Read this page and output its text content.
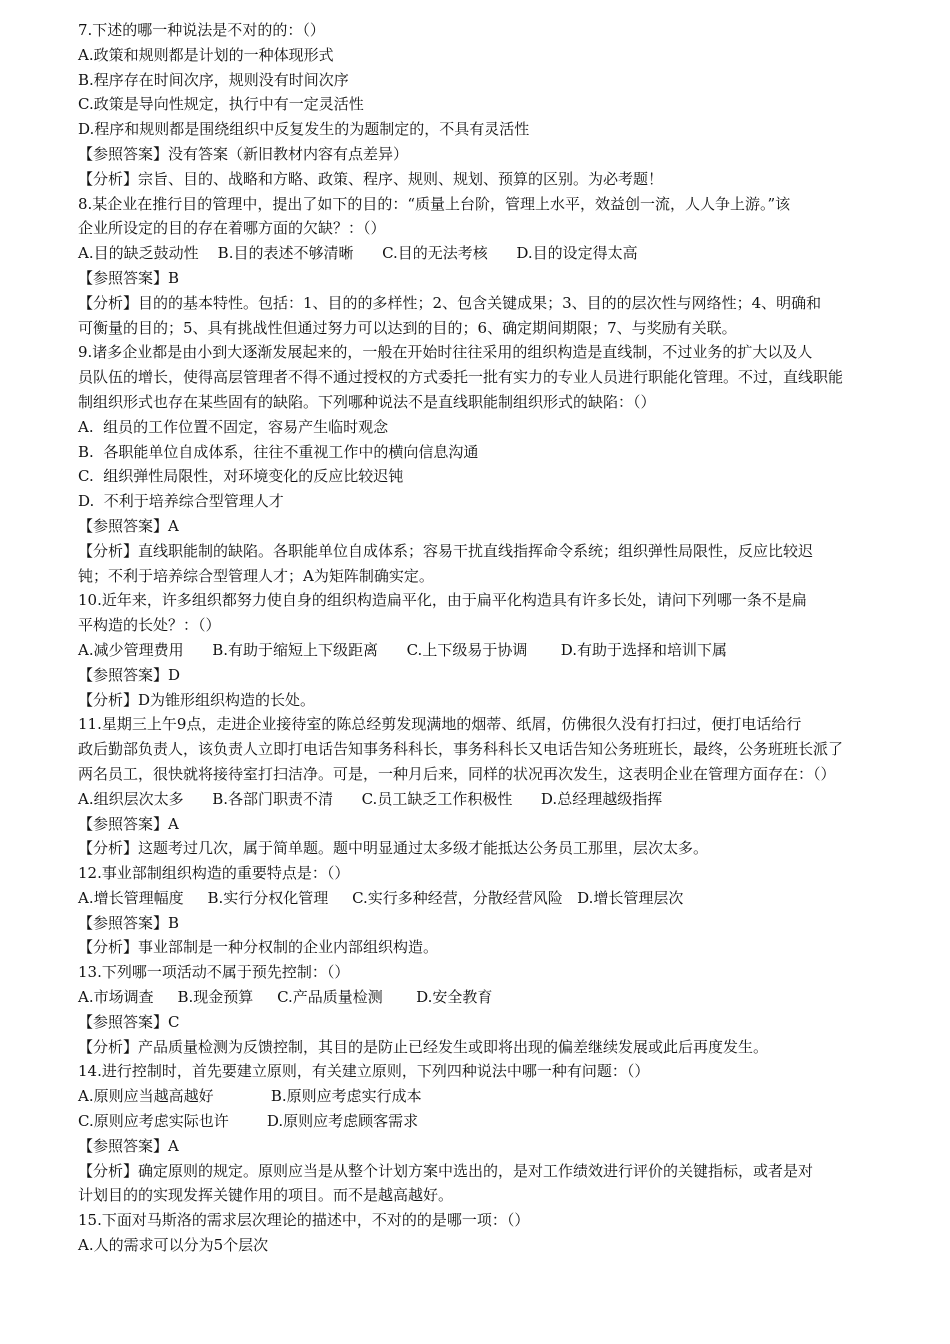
7.下述的哪一种说法是不对的的：（）
A.政策和规则都是计划的一种体现形式
B.程序存在时间次序，规则没有时间次序
C.政策是导向性规定，执行中有一定灵活性
D.程序和规则都是围绕组织中反复发生的为题制定的，不具有灵活性
【参照答案】没有答案（新旧教材内容有点差异）
【分析】宗旨、目的、战略和方略、政策、程序、规则、规划、预算的区别。为必考题！
8.某企业在推行目的管理中，提出了如下的目的：“质量上台阶，管理上水平，效益创一流，人人争上游。”该
企业所设定的目的存在着哪方面的欠缺？：（）
A.目的缺乏鼓动性    B.目的表述不够清晰      C.目的无法考核      D.目的设定得太高
【参照答案】B
【分析】目的的基本特性。包括：1、目的的多样性；2、包含关键成果；3、目的的层次性与网络性；4、明确和
可衡量的目的；5、具有挑战性但通过努力可以达到的目的；6、确定期间期限；7、与奖励有关联。
9.诸多企业都是由小到大逐渐发展起来的，一般在开始时往往采用的组织构造是直线制，不过业务的扩大以及人
员队伍的增长，使得高层管理者不得不通过授权的方式委托一批有实力的专业人员进行职能化管理。不过，直线职能
制组织形式也存在某些固有的缺陷。下列哪种说法不是直线职能制组织形式的缺陷：（）
A.  组员的工作位置不固定，容易产生临时观念
B.  各职能单位自成体系，往往不重视工作中的横向信息沟通
C.  组织弹性局限性，对环境变化的反应比较迟钝
D.  不利于培养综合型管理人才
【参照答案】A
【分析】直线职能制的缺陷。各职能单位自成体系；容易干扰直线指挥命令系统；组织弹性局限性，反应比较迟
钝；不利于培养综合型管理人才；A为矩阵制确实定。
10.近年来，许多组织都努力使自身的组织构造扁平化，由于扁平化构造具有许多长处，请问下列哪一条不是扁
平构造的长处？：（）
A.减少管理费用      B.有助于缩短上下级距离      C.上下级易于协调       D.有助于选择和培训下属
【参照答案】D
【分析】D为锥形组织构造的长处。
11.星期三上午9点，走进企业接待室的陈总经剪发现满地的烟蒂、纸屑，仿佛很久没有打扫过，便打电话给行
政后勤部负责人，该负责人立即打电话告知事务科科长，事务科科长又电话告知公务班班长，最终，公务班班长派了
两名员工，很快就将接待室打扫洁净。可是，一种月后来，同样的状况再次发生，这表明企业在管理方面存在：（）
A.组织层次太多      B.各部门职责不清      C.员工缺乏工作积极性      D.总经理越级指挥
【参照答案】A
【分析】这题考过几次，属于简单题。题中明显通过太多级才能抵达公务员工那里，层次太多。
12.事业部制组织构造的重要特点是：（）
A.增长管理幅度     B.实行分权化管理     C.实行多种经营，分散经营风险   D.增长管理层次
【参照答案】B
【分析】事业部制是一种分权制的企业内部组织构造。
13.下列哪一项活动不属于预先控制：（）
A.市场调查     B.现金预算     C.产品质量检测       D.安全教育
【参照答案】C
【分析】产品质量检测为反馈控制，其目的是防止已经发生或即将出现的偏差继续发展或此后再度发生。
14.进行控制时，首先要建立原则，有关建立原则，下列四种说法中哪一种有问题：（）
A.原则应当越高越好            B.原则应考虑实行成本
C.原则应考虑实际也许        D.原则应考虑顾客需求
【参照答案】A
【分析】确定原则的规定。原则应当是从整个计划方案中选出的，是对工作绩效进行评价的关键指标，或者是对
计划目的的实现发挥关键作用的项目。而不是越高越好。
15.下面对马斯洛的需求层次理论的描述中，不对的的是哪一项：（）
A.人的需求可以分为5个层次
